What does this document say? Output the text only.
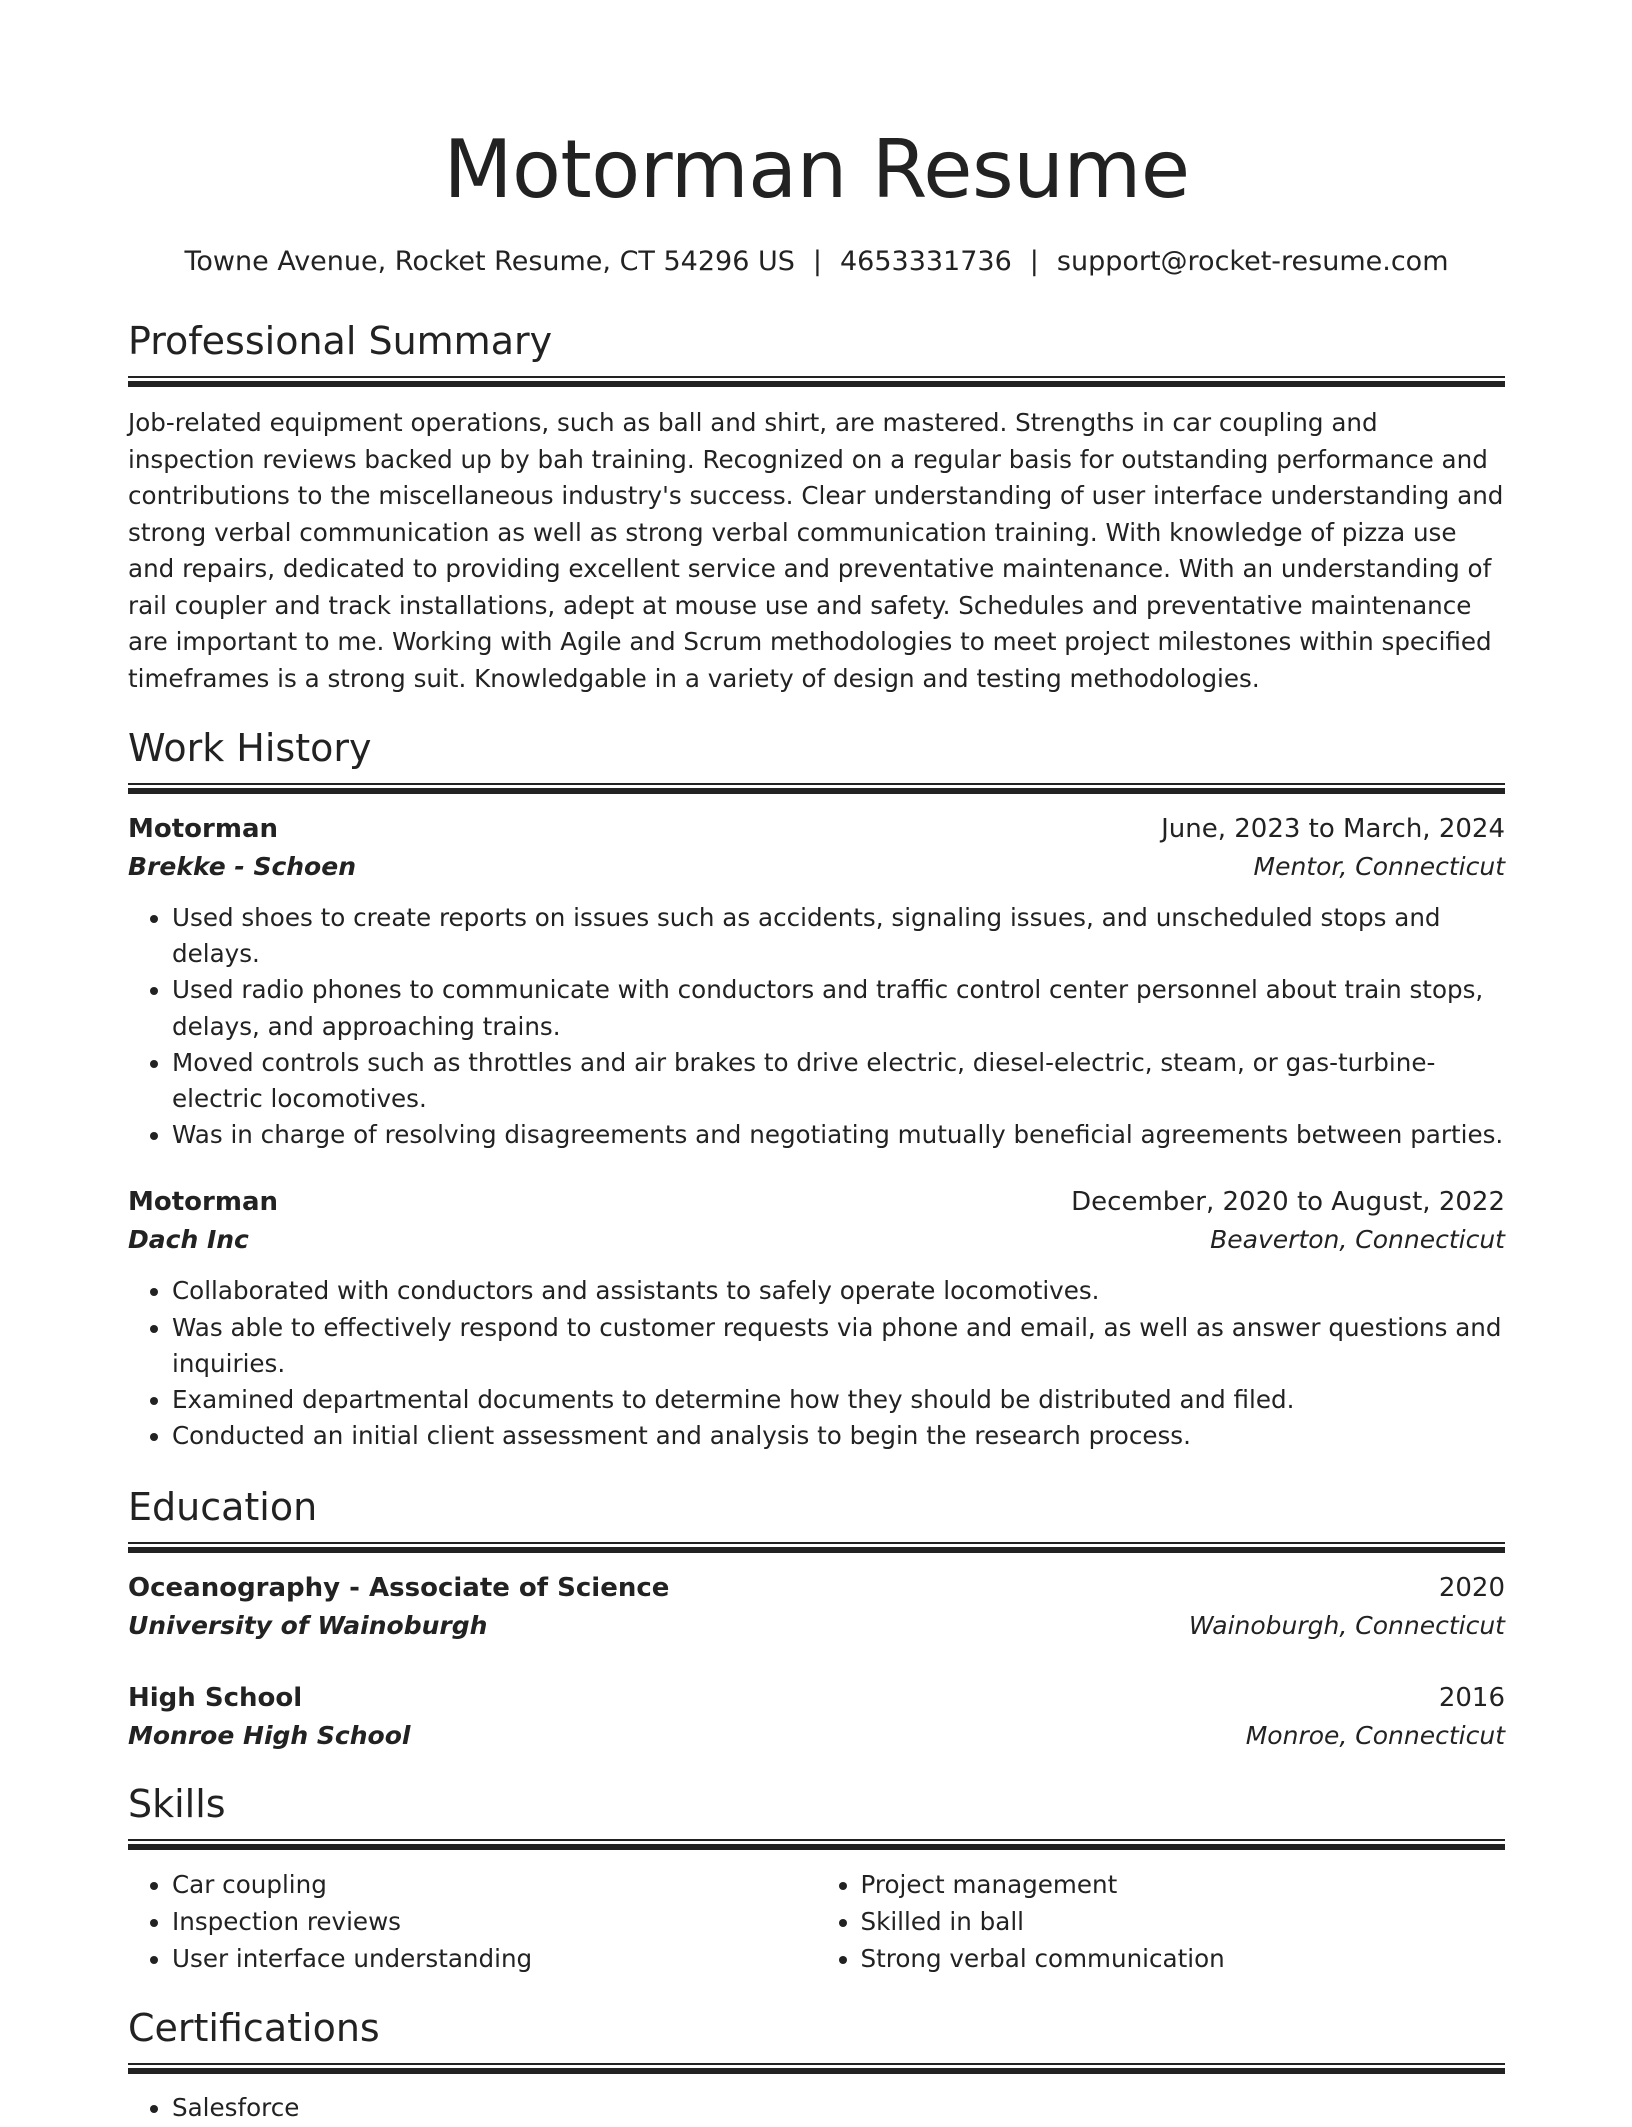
Motorman Resume
Towne Avenue, Rocket Resume, CT 54296 US | 4653331736 | support@rocket-resume.com
Professional Summary
Job-related equipment operations, such as ball and shirt, are mastered. Strengths in car coupling and inspection reviews backed up by bah training. Recognized on a regular basis for outstanding performance and contributions to the miscellaneous industry's success. Clear understanding of user interface understanding and strong verbal communication as well as strong verbal communication training. With knowledge of pizza use and repairs, dedicated to providing excellent service and preventative maintenance. With an understanding of rail coupler and track installations, adept at mouse use and safety. Schedules and preventative maintenance are important to me. Working with Agile and Scrum methodologies to meet project milestones within specified timeframes is a strong suit. Knowledgable in a variety of design and testing methodologies.
Work History
Motorman	June, 2023 to March, 2024
Brekke - Schoen	Mentor, Connecticut
• Used shoes to create reports on issues such as accidents, signaling issues, and unscheduled stops and delays.
• Used radio phones to communicate with conductors and traffic control center personnel about train stops, delays, and approaching trains.
• Moved controls such as throttles and air brakes to drive electric, diesel-electric, steam, or gas-turbine-electric locomotives.
• Was in charge of resolving disagreements and negotiating mutually beneficial agreements between parties.
Motorman	December, 2020 to August, 2022
Dach Inc	Beaverton, Connecticut
• Collaborated with conductors and assistants to safely operate locomotives.
• Was able to effectively respond to customer requests via phone and email, as well as answer questions and inquiries.
• Examined departmental documents to determine how they should be distributed and filed.
• Conducted an initial client assessment and analysis to begin the research process.
Education
Oceanography - Associate of Science	2020
University of Wainoburgh	Wainoburgh, Connecticut
High School	2016
Monroe High School	Monroe, Connecticut
Skills
• Car coupling
• Inspection reviews
• User interface understanding
• Project management
• Skilled in ball
• Strong verbal communication
Certifications
• Salesforce
